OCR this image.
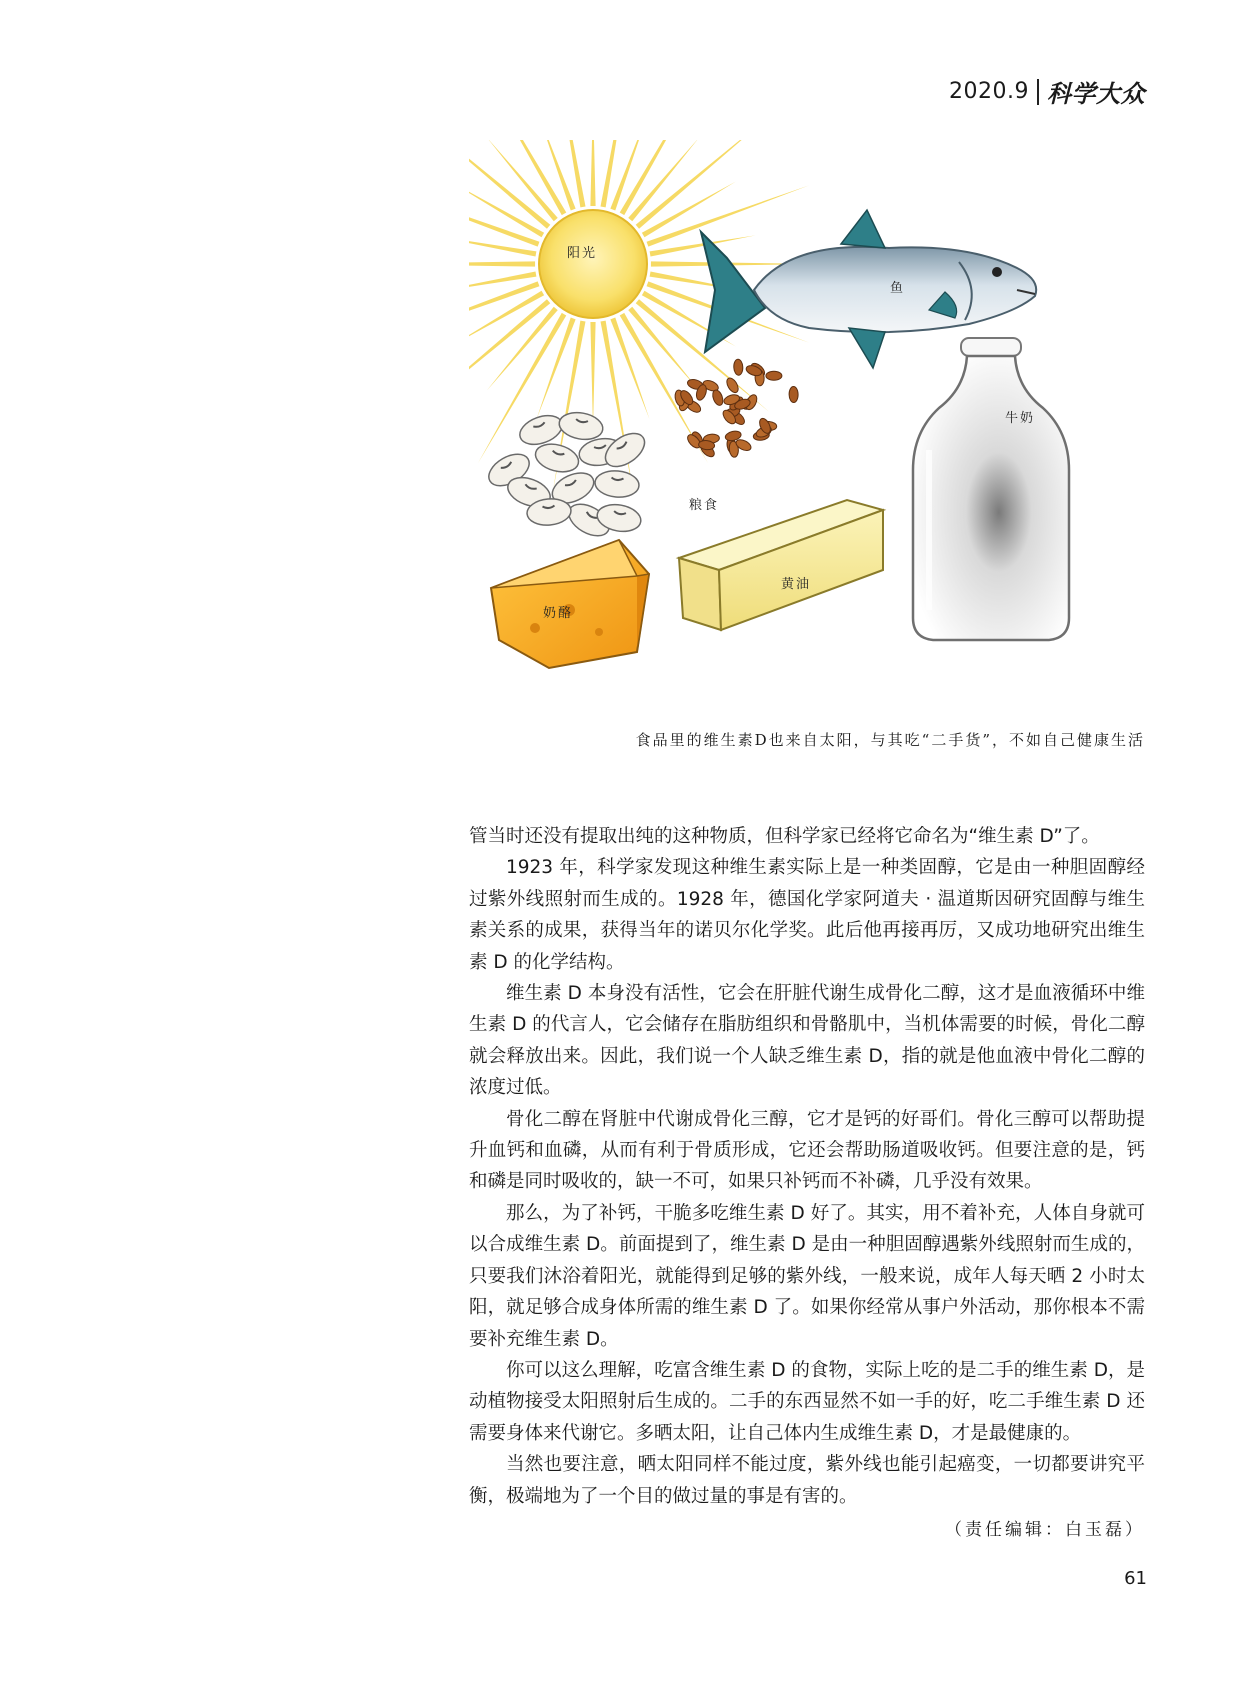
2020.9 科学大众
阳光
鱼
牛奶
粮食
奶酪
黄油
食品里的维生素D也来自太阳，与其吃“二手货”，不如自己健康生活

管当时还没有提取出纯的这种物质，但科学家已经将它命名为“维生素 D”了。

1923 年，科学家发现这种维生素实际上是一种类固醇，它是由一种胆固醇经过紫外线照射而生成的。1928 年，德国化学家阿道夫 · 温道斯因研究固醇与维生素关系的成果，获得当年的诺贝尔化学奖。此后他再接再厉，又成功地研究出维生素 D 的化学结构。

维生素 D 本身没有活性，它会在肝脏代谢生成骨化二醇，这才是血液循环中维生素 D 的代言人，它会储存在脂肪组织和骨骼肌中，当机体需要的时候，骨化二醇就会释放出来。因此，我们说一个人缺乏维生素 D，指的就是他血液中骨化二醇的浓度过低。

骨化二醇在肾脏中代谢成骨化三醇，它才是钙的好哥们。骨化三醇可以帮助提升血钙和血磷，从而有利于骨质形成，它还会帮助肠道吸收钙。但要注意的是，钙和磷是同时吸收的，缺一不可，如果只补钙而不补磷，几乎没有效果。

那么，为了补钙，干脆多吃维生素 D 好了。其实，用不着补充，人体自身就可以合成维生素 D。前面提到了，维生素 D 是由一种胆固醇遇紫外线照射而生成的，只要我们沐浴着阳光，就能得到足够的紫外线，一般来说，成年人每天晒 2 小时太阳，就足够合成身体所需的维生素 D 了。如果你经常从事户外活动，那你根本不需要补充维生素 D。

你可以这么理解，吃富含维生素 D 的食物，实际上吃的是二手的维生素 D，是动植物接受太阳照射后生成的。二手的东西显然不如一手的好，吃二手维生素 D 还需要身体来代谢它。多晒太阳，让自己体内生成维生素 D，才是最健康的。

当然也要注意，晒太阳同样不能过度，紫外线也能引起癌变，一切都要讲究平衡，极端地为了一个目的做过量的事是有害的。

（责任编辑：白玉磊）
61
